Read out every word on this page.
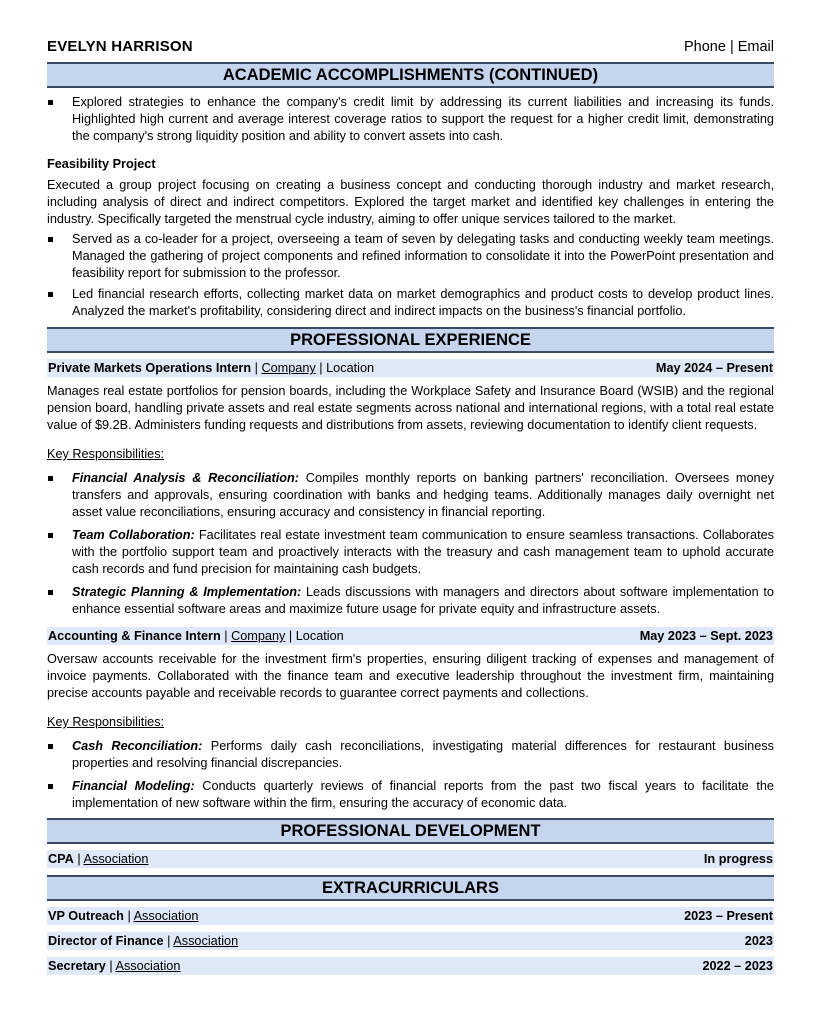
EVELYN HARRISON	Phone | Email
ACADEMIC ACCOMPLISHMENTS (CONTINUED)
Explored strategies to enhance the company's credit limit by addressing its current liabilities and increasing its funds. Highlighted high current and average interest coverage ratios to support the request for a higher credit limit, demonstrating the company's strong liquidity position and ability to convert assets into cash.
Feasibility Project

Executed a group project focusing on creating a business concept and conducting thorough industry and market research, including analysis of direct and indirect competitors. Explored the target market and identified key challenges in entering the industry. Specifically targeted the menstrual cycle industry, aiming to offer unique services tailored to the market.

Served as a co-leader for a project, overseeing a team of seven by delegating tasks and conducting weekly team meetings. Managed the gathering of project components and refined information to consolidate it into the PowerPoint presentation and feasibility report for submission to the professor.
Led financial research efforts, collecting market data on market demographics and product costs to develop product lines. Analyzed the market's profitability, considering direct and indirect impacts on the business's financial portfolio.
PROFESSIONAL EXPERIENCE
Private Markets Operations Intern | Company | Location	May 2024 – Present

Manages real estate portfolios for pension boards, including the Workplace Safety and Insurance Board (WSIB) and the regional pension board, handling private assets and real estate segments across national and international regions, with a total real estate value of $9.2B. Administers funding requests and distributions from assets, reviewing documentation to identify client requests.

Key Responsibilities:
Financial Analysis & Reconciliation: Compiles monthly reports on banking partners' reconciliation. Oversees money transfers and approvals, ensuring coordination with banks and hedging teams. Additionally manages daily overnight net asset value reconciliations, ensuring accuracy and consistency in financial reporting.
Team Collaboration: Facilitates real estate investment team communication to ensure seamless transactions. Collaborates with the portfolio support team and proactively interacts with the treasury and cash management team to uphold accurate cash records and fund precision for maintaining cash budgets.
Strategic Planning & Implementation: Leads discussions with managers and directors about software implementation to enhance essential software areas and maximize future usage for private equity and infrastructure assets.
Accounting & Finance Intern | Company | Location	May 2023 – Sept. 2023

Oversaw accounts receivable for the investment firm's properties, ensuring diligent tracking of expenses and management of invoice payments. Collaborated with the finance team and executive leadership throughout the investment firm, maintaining precise accounts payable and receivable records to guarantee correct payments and collections.

Key Responsibilities:
Cash Reconciliation: Performs daily cash reconciliations, investigating material differences for restaurant business properties and resolving financial discrepancies.
Financial Modeling: Conducts quarterly reviews of financial reports from the past two fiscal years to facilitate the implementation of new software within the firm, ensuring the accuracy of economic data.
PROFESSIONAL DEVELOPMENT
CPA | Association	In progress
EXTRACURRICULARS
VP Outreach | Association	2023 – Present
Director of Finance | Association	2023
Secretary | Association	2022 – 2023
